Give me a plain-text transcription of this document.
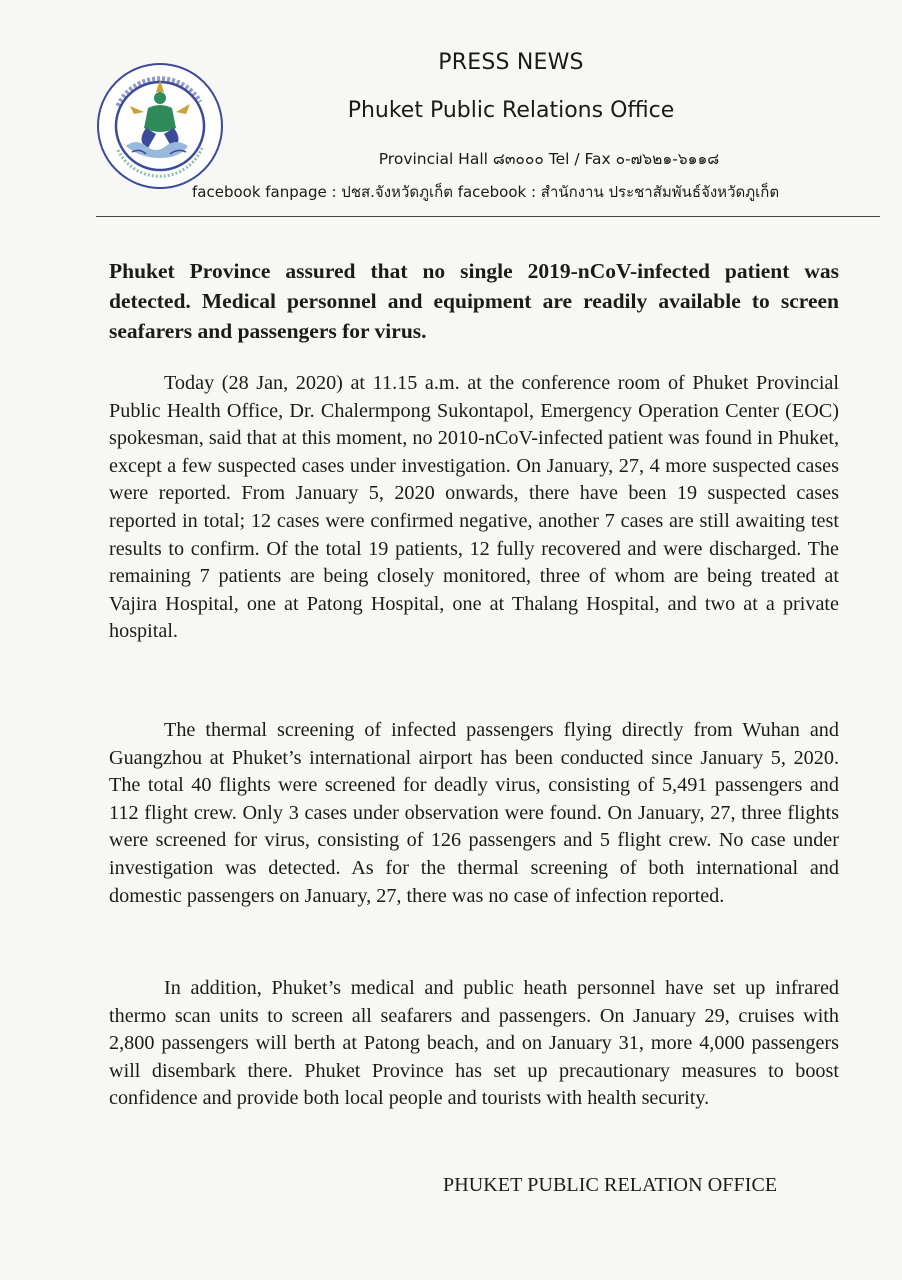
PRESS NEWS
Phuket Public Relations Office
Provincial Hall ๘๓๐๐๐ Tel / Fax ๐-๗๖๒๑-๖๑๑๘
facebook fanpage : ปชส.จังหวัดภูเก็ต facebook : สำนักงาน ประชาสัมพันธ์จังหวัดภูเก็ต
Phuket Province assured that no single 2019-nCoV-infected patient was detected. Medical personnel and equipment are readily available to screen seafarers and passengers for virus.

Today (28 Jan, 2020) at 11.15 a.m. at the conference room of Phuket Provincial Public Health Office, Dr. Chalermpong Sukontapol, Emergency Operation Center (EOC) spokesman, said that at this moment, no 2010-nCoV-infected patient was found in Phuket, except a few suspected cases under investigation. On January, 27, 4 more suspected cases were reported. From January 5, 2020 onwards, there have been 19 suspected cases reported in total; 12 cases were confirmed negative, another 7 cases are still awaiting test results to confirm. Of the total 19 patients, 12 fully recovered and were discharged. The remaining 7 patients are being closely monitored, three of whom are being treated at Vajira Hospital, one at Patong Hospital, one at Thalang Hospital, and two at a private hospital.

The thermal screening of infected passengers flying directly from Wuhan and Guangzhou at Phuket’s international airport has been conducted since January 5, 2020. The total 40 flights were screened for deadly virus, consisting of 5,491 passengers and 112 flight crew. Only 3 cases under observation were found. On January, 27, three flights were screened for virus, consisting of 126 passengers and 5 flight crew. No case under investigation was detected. As for the thermal screening of both international and domestic passengers on January, 27, there was no case of infection reported.

In addition, Phuket’s medical and public heath personnel have set up infrared thermo scan units to screen all seafarers and passengers. On January 29, cruises with 2,800 passengers will berth at Patong beach, and on January 31, more 4,000 passengers will disembark there. Phuket Province has set up precautionary measures to boost confidence and provide both local people and tourists with health security.

PHUKET PUBLIC RELATION OFFICE
